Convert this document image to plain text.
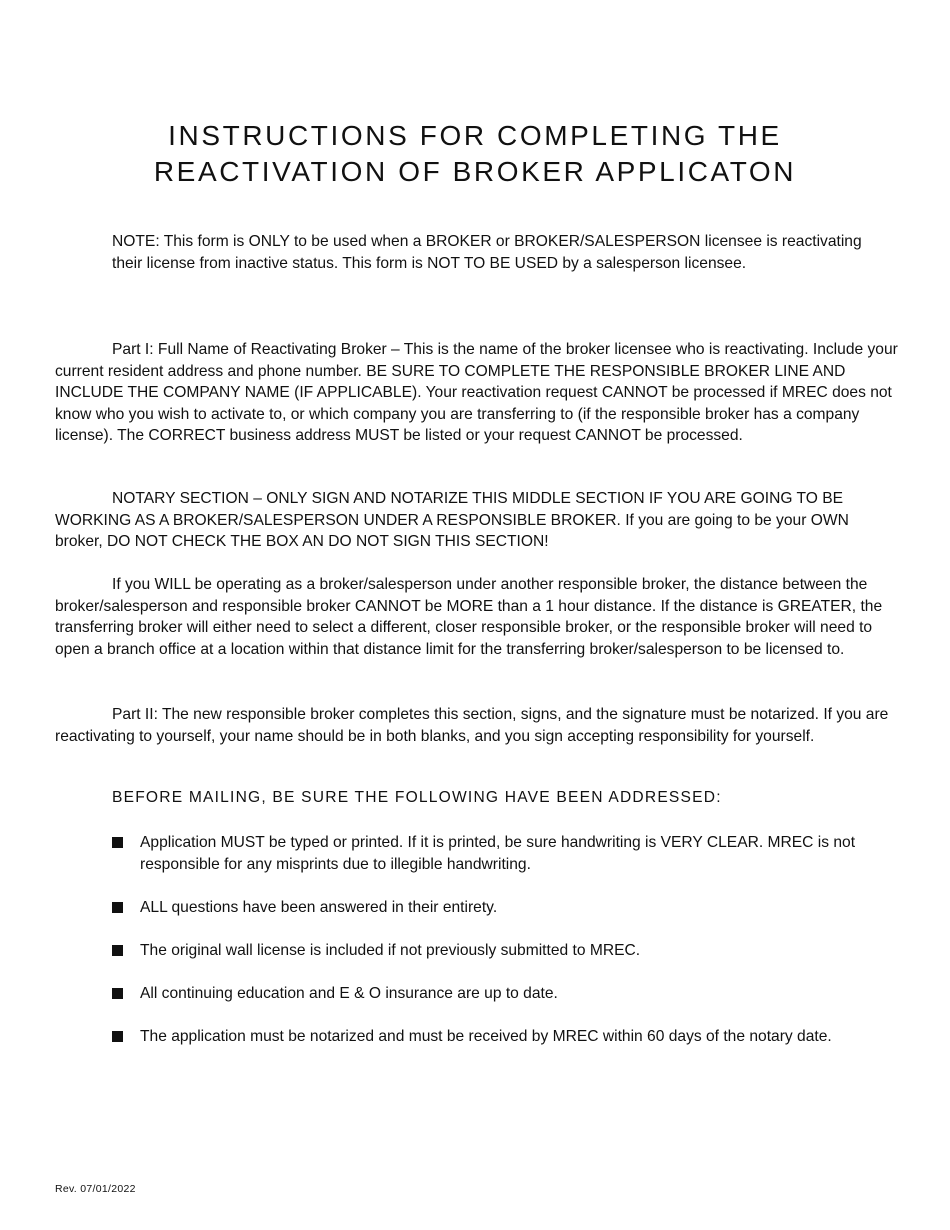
INSTRUCTIONS FOR COMPLETING THE
REACTIVATION OF BROKER APPLICATON

NOTE: This form is ONLY to be used when a BROKER or BROKER/SALESPERSON licensee is reactivating their license from inactive status. This form is NOT TO BE USED by a salesperson licensee.

Part I: Full Name of Reactivating Broker – This is the name of the broker licensee who is reactivating. Include your current resident address and phone number. BE SURE TO COMPLETE THE RESPONSIBLE BROKER LINE AND INCLUDE THE COMPANY NAME (IF APPLICABLE). Your reactivation request CANNOT be processed if MREC does not know who you wish to activate to, or which company you are transferring to (if the responsible broker has a company license). The CORRECT business address MUST be listed or your request CANNOT be processed.

NOTARY SECTION – ONLY SIGN AND NOTARIZE THIS MIDDLE SECTION IF YOU ARE GOING TO BE WORKING AS A BROKER/SALESPERSON UNDER A RESPONSIBLE BROKER. If you are going to be your OWN broker, DO NOT CHECK THE BOX AN DO NOT SIGN THIS SECTION!

If you WILL be operating as a broker/salesperson under another responsible broker, the distance between the broker/salesperson and responsible broker CANNOT be MORE than a 1 hour distance. If the distance is GREATER, the transferring broker will either need to select a different, closer responsible broker, or the responsible broker will need to open a branch office at a location within that distance limit for the transferring broker/salesperson to be licensed to.

Part II: The new responsible broker completes this section, signs, and the signature must be notarized. If you are reactivating to yourself, your name should be in both blanks, and you sign accepting responsibility for yourself.

BEFORE MAILING, BE SURE THE FOLLOWING HAVE BEEN ADDRESSED:

Application MUST be typed or printed. If it is printed, be sure handwriting is VERY CLEAR. MREC is not responsible for any misprints due to illegible handwriting.
ALL questions have been answered in their entirety.
The original wall license is included if not previously submitted to MREC.
All continuing education and E & O insurance are up to date.
The application must be notarized and must be received by MREC within 60 days of the notary date.

Rev. 07/01/2022
